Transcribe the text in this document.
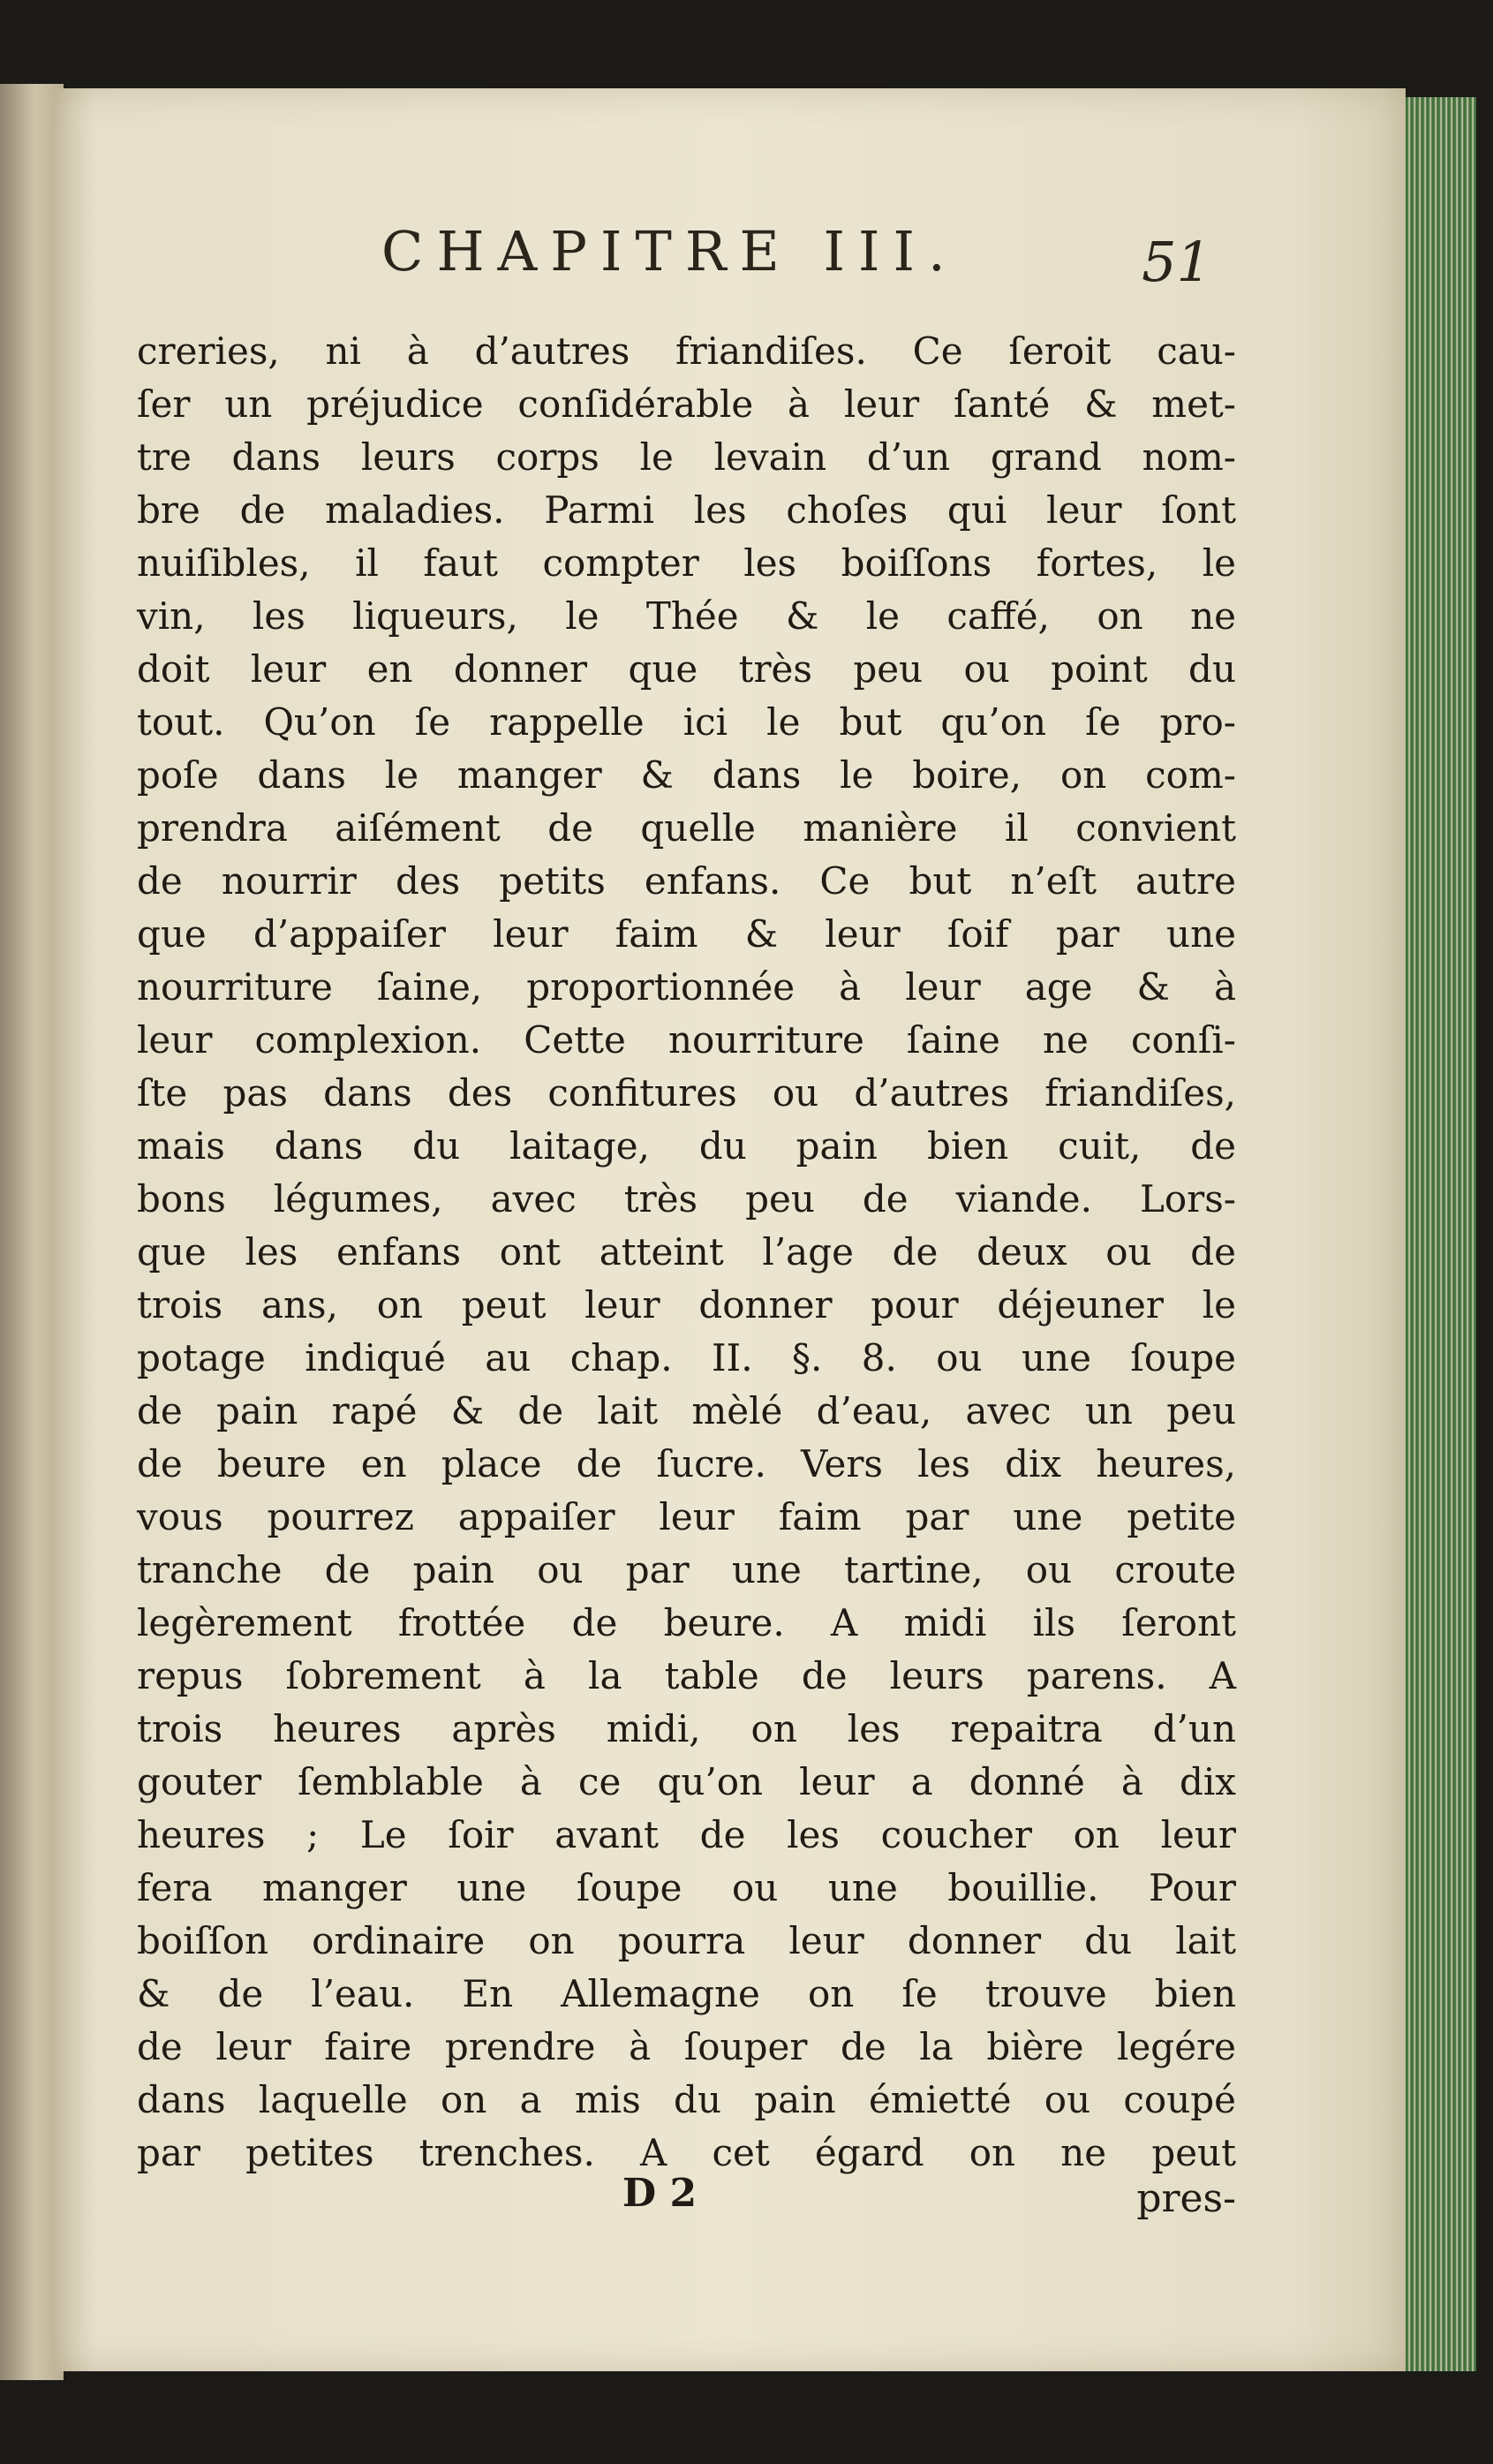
CHAPITRE III.	51
creries, ni à d’autres friandiſes. Ce ſeroit cau-
ſer un préjudice conſidérable à leur ſanté & met-
tre dans leurs corps le levain d’un grand nom-
bre de maladies. Parmi les choſes qui leur ſont
nuiſibles, il faut compter les boiſſons fortes, le
vin, les liqueurs, le Thée & le caffé, on ne
doit leur en donner que très peu ou point du
tout. Qu’on ſe rappelle ici le but qu’on ſe pro-
poſe dans le manger & dans le boire, on com-
prendra aiſément de quelle manière il convient
de nourrir des petits enfans. Ce but n’eſt autre
que d’appaiſer leur faim & leur ſoif par une
nourriture ſaine, proportionnée à leur age & à
leur complexion. Cette nourriture ſaine ne conſi-
ſte pas dans des confitures ou d’autres friandiſes,
mais dans du laitage, du pain bien cuit, de
bons légumes, avec très peu de viande. Lors-
que les enfans ont atteint l’age de deux ou de
trois ans, on peut leur donner pour déjeuner le
potage indiqué au chap. II. §. 8. ou une ſoupe
de pain rapé & de lait mèlé d’eau, avec un peu
de beure en place de ſucre. Vers les dix heures,
vous pourrez appaiſer leur faim par une petite
tranche de pain ou par une tartine, ou croute
legèrement frottée de beure. A midi ils ſeront
repus ſobrement à la table de leurs parens. A
trois heures après midi, on les repaitra d’un
gouter ſemblable à ce qu’on leur a donné à dix
heures ; Le ſoir avant de les coucher on leur
fera manger une ſoupe ou une bouillie. Pour
boiſſon ordinaire on pourra leur donner du lait
& de l’eau. En Allemagne on ſe trouve bien
de leur faire prendre à ſouper de la bière legére
dans laquelle on a mis du pain émietté ou coupé
par petites trenches. A cet égard on ne peut
D 2	pres-
